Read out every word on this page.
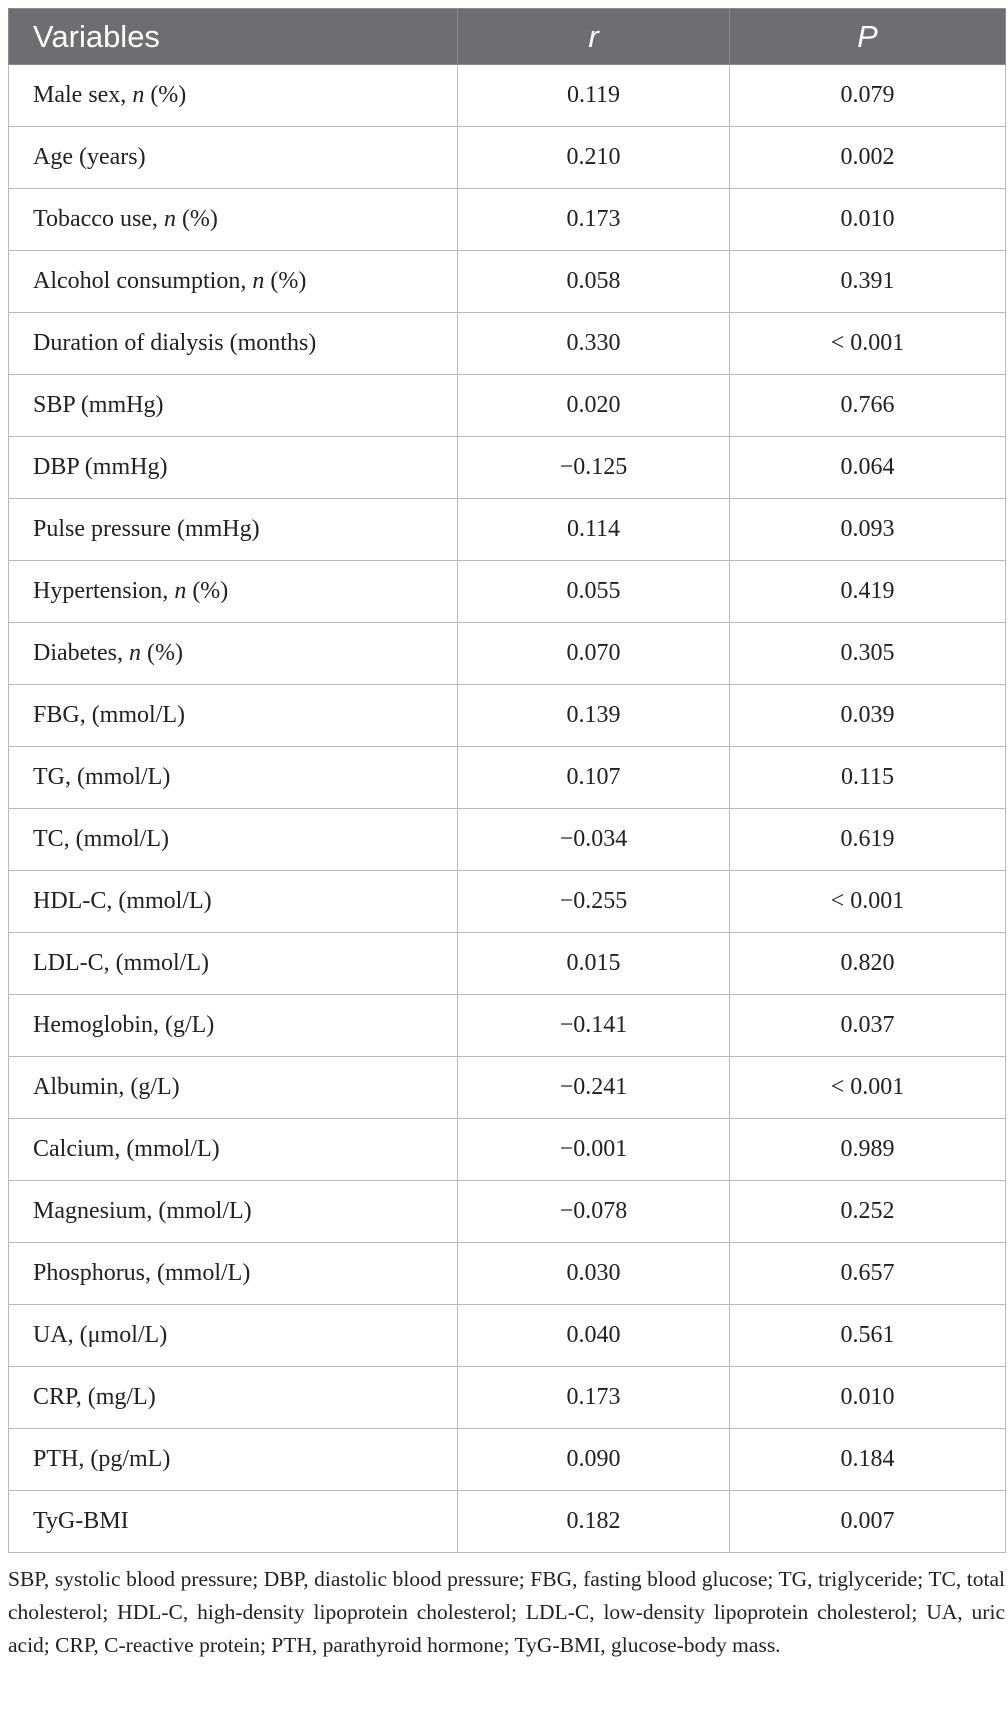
Variables	r	P
Male sex, n (%)	0.119	0.079
Age (years)	0.210	0.002
Tobacco use, n (%)	0.173	0.010
Alcohol consumption, n (%)	0.058	0.391
Duration of dialysis (months)	0.330	< 0.001
SBP (mmHg)	0.020	0.766
DBP (mmHg)	−0.125	0.064
Pulse pressure (mmHg)	0.114	0.093
Hypertension, n (%)	0.055	0.419
Diabetes, n (%)	0.070	0.305
FBG, (mmol/L)	0.139	0.039
TG, (mmol/L)	0.107	0.115
TC, (mmol/L)	−0.034	0.619
HDL-C, (mmol/L)	−0.255	< 0.001
LDL-C, (mmol/L)	0.015	0.820
Hemoglobin, (g/L)	−0.141	0.037
Albumin, (g/L)	−0.241	< 0.001
Calcium, (mmol/L)	−0.001	0.989
Magnesium, (mmol/L)	−0.078	0.252
Phosphorus, (mmol/L)	0.030	0.657
UA, (μmol/L)	0.040	0.561
CRP, (mg/L)	0.173	0.010
PTH, (pg/mL)	0.090	0.184
TyG-BMI	0.182	0.007
SBP, systolic blood pressure; DBP, diastolic blood pressure; FBG, fasting blood glucose; TG, triglyceride; TC, total cholesterol; HDL-C, high-density lipoprotein cholesterol; LDL-C, low-density lipoprotein cholesterol; UA, uric acid; CRP, C-reactive protein; PTH, parathyroid hormone; TyG-BMI, glucose-body mass.
